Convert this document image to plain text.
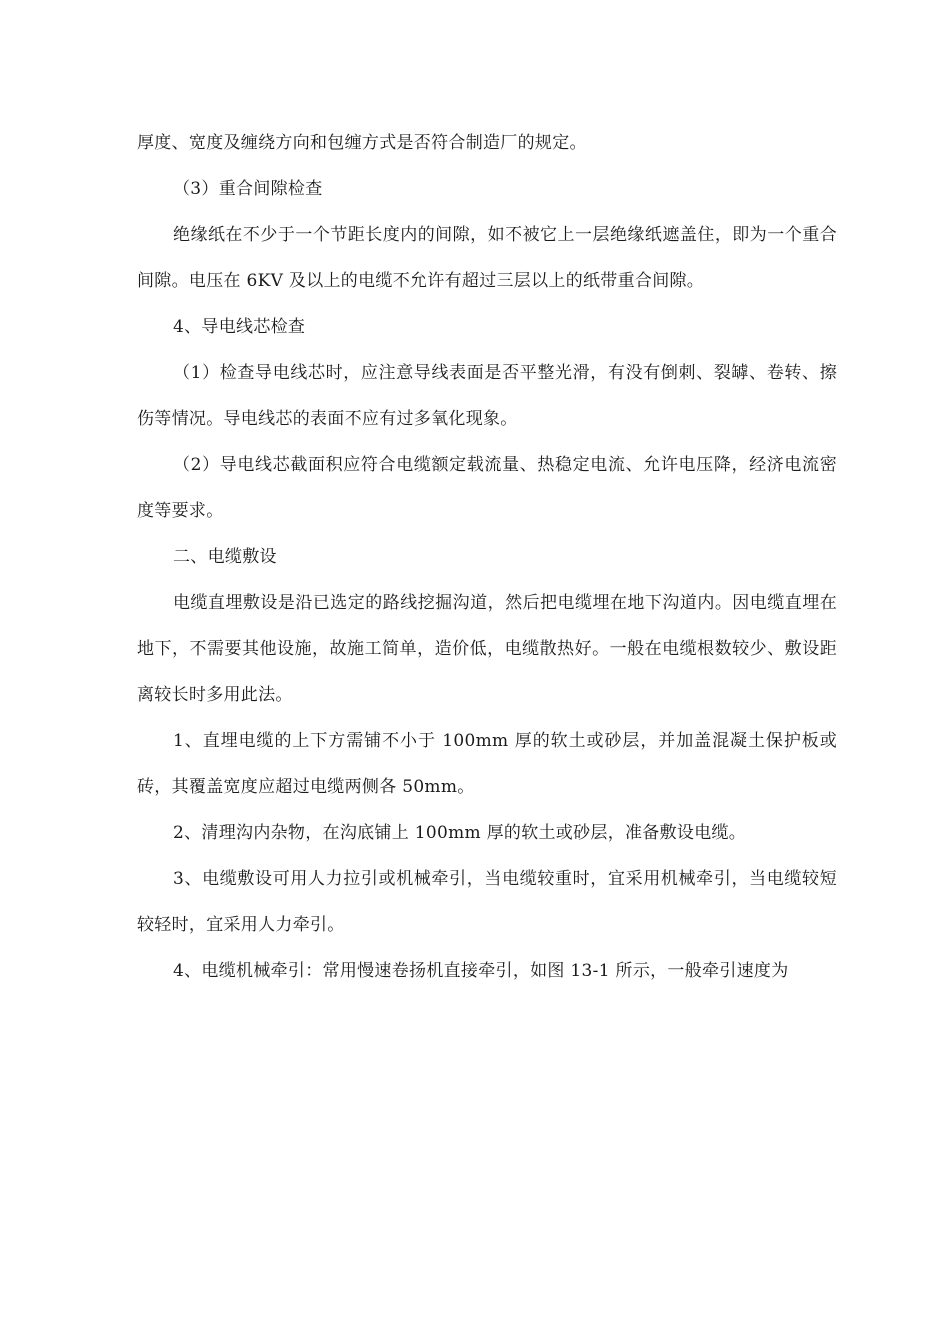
厚度、宽度及缠绕方向和包缠方式是否符合制造厂的规定。

（3）重合间隙检查

绝缘纸在不少于一个节距长度内的间隙，如不被它上一层绝缘纸遮盖住，即为一个重合间隙。电压在 6KV 及以上的电缆不允许有超过三层以上的纸带重合间隙。

4、导电线芯检查

（1）检查导电线芯时，应注意导线表面是否平整光滑，有没有倒刺、裂罅、卷转、擦伤等情况。导电线芯的表面不应有过多氧化现象。

（2）导电线芯截面积应符合电缆额定载流量、热稳定电流、允许电压降，经济电流密度等要求。

二、电缆敷设

电缆直埋敷设是沿已选定的路线挖掘沟道，然后把电缆埋在地下沟道内。因电缆直埋在地下，不需要其他设施，故施工简单，造价低，电缆散热好。一般在电缆根数较少、敷设距离较长时多用此法。

1、直埋电缆的上下方需铺不小于 100mm 厚的软土或砂层，并加盖混凝土保护板或砖，其覆盖宽度应超过电缆两侧各 50mm。

2、清理沟内杂物，在沟底铺上 100mm 厚的软土或砂层，准备敷设电缆。

3、电缆敷设可用人力拉引或机械牵引，当电缆较重时，宜采用机械牵引，当电缆较短较轻时，宜采用人力牵引。

4、电缆机械牵引：常用慢速卷扬机直接牵引，如图 13-1 所示，一般牵引速度为
